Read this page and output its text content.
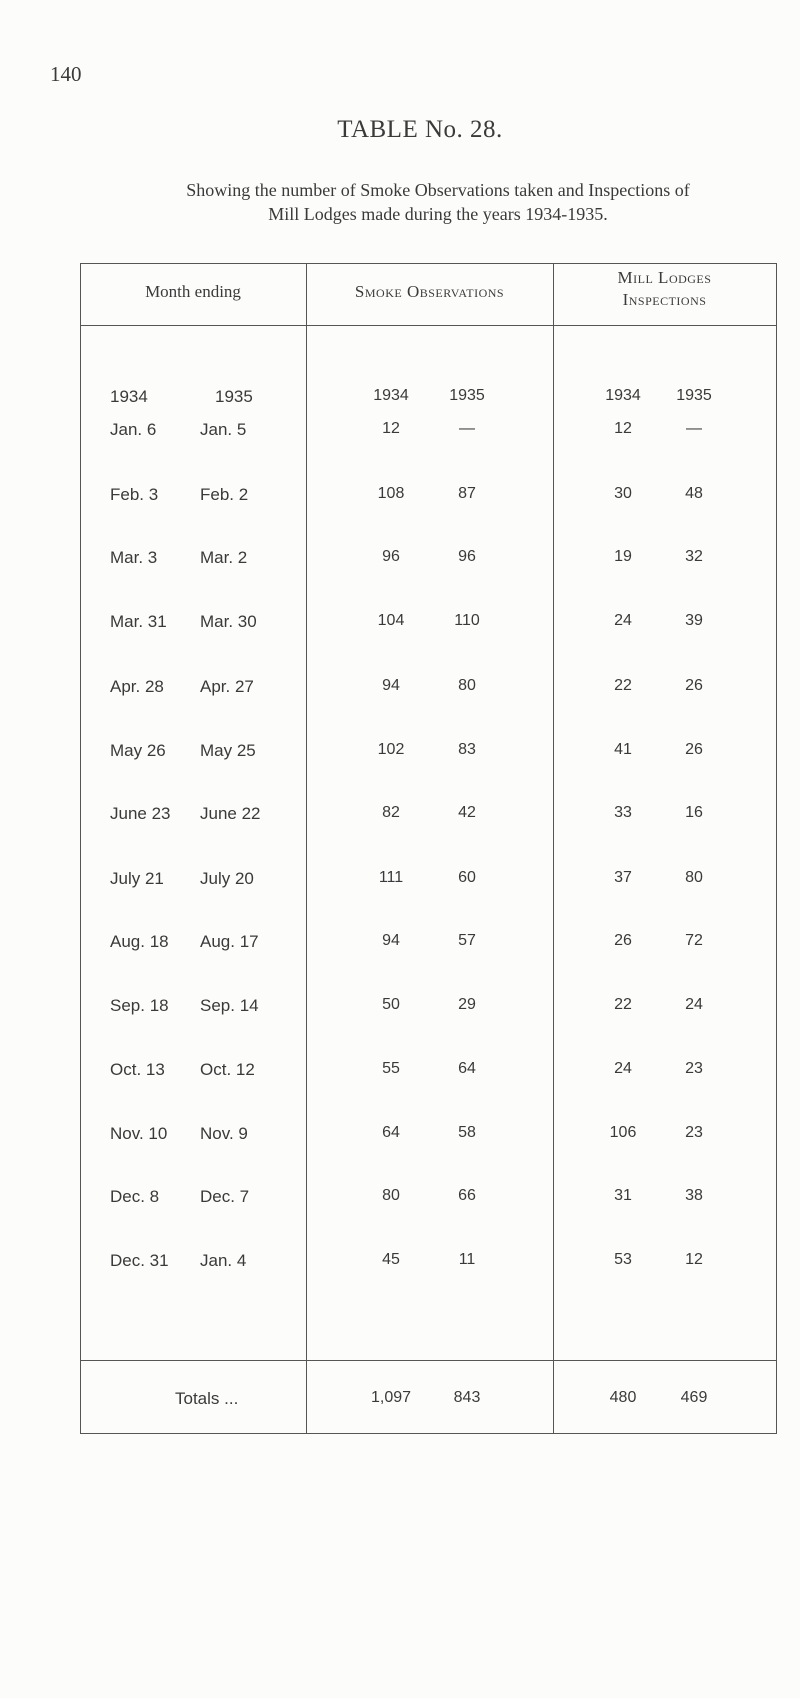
140
TABLE No. 28.
Showing the number of Smoke Observations taken and Inspections of
Mill Lodges made during the years 1934-1935.
Month ending	Smoke Observations
Mill Lodges
Inspections
1934	1935	1934	1935	1934	1935
Jan. 6	Jan. 5	12	—	12	—
Feb. 3 Feb. 2	108	87	30	48
Mar. 3	Mar. 2	96	96	19	32
Mar. 31 Mar. 30	104	110	24	39
Apr. 28 Apr. 27	94	80	22	26
May 26 May 25	102	83	41	26
June 23 June 22	82	42	33	16
July 21 July 20	111	60	37	80
Aug. 18 Aug. 17	94	57	26	72
Sep. 18 Sep. 14	50	29	22	24
Oct. 13 Oct. 12	55	64	24	23
Nov. 10 Nov. 9	64	58	106	23
Dec. 8 Dec. 7	80	66	31	38
Dec. 31 Jan. 4	45	11	53	12
Totals ...	1,097	843	480	469
